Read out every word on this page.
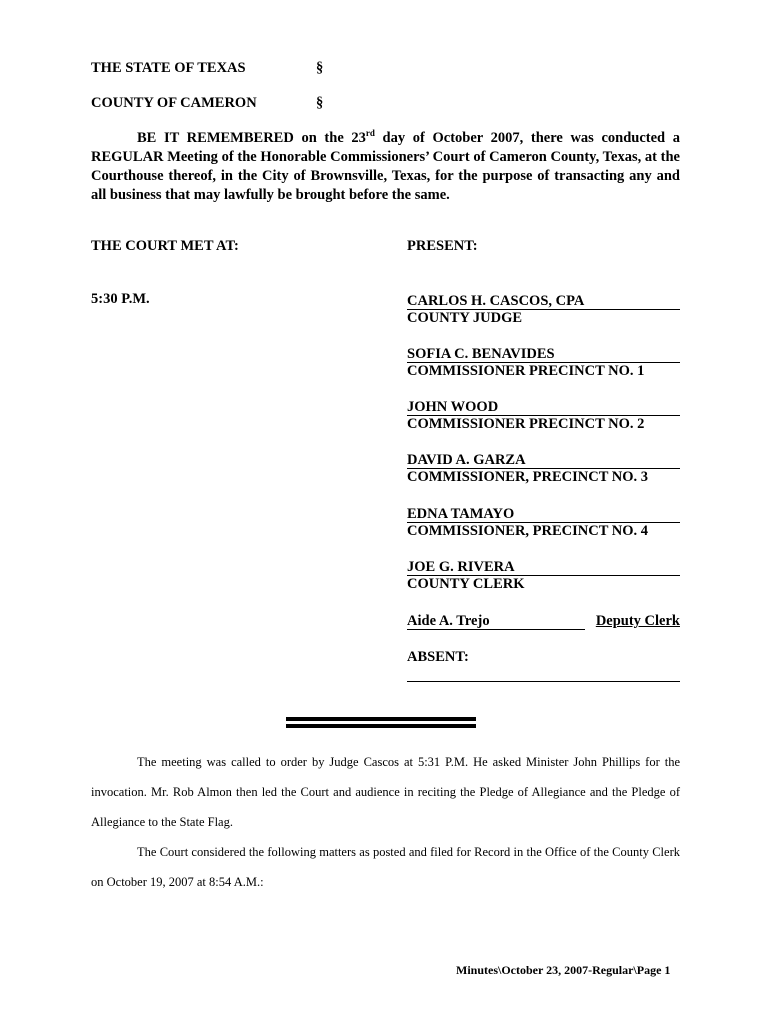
THE STATE OF TEXAS	§
COUNTY OF CAMERON	§
BE IT REMEMBERED on the 23rd day of October 2007, there was conducted a REGULAR Meeting of the Honorable Commissioners’ Court of Cameron County, Texas, at the Courthouse thereof, in the City of Brownsville, Texas, for the purpose of transacting any and all business that may lawfully be brought before the same.
THE COURT MET AT:	PRESENT:
5:30 P.M.	CARLOS H. CASCOS, CPA
COUNTY JUDGE
SOFIA C. BENAVIDES
COMMISSIONER PRECINCT NO. 1
JOHN WOOD
COMMISSIONER PRECINCT NO. 2
DAVID A. GARZA
COMMISSIONER, PRECINCT NO. 3
EDNA TAMAYO
COMMISSIONER, PRECINCT NO. 4
JOE G. RIVERA
COUNTY CLERK
Aide A. Trejo	Deputy Clerk
ABSENT:
The meeting was called to order by Judge Cascos at 5:31 P.M. He asked Minister John Phillips for the invocation. Mr. Rob Almon then led the Court and audience in reciting the Pledge of Allegiance and the Pledge of Allegiance to the State Flag.
The Court considered the following matters as posted and filed for Record in the Office of the County Clerk on October 19, 2007 at 8:54 A.M.:
Minutes\October 23, 2007-Regular\Page 1
